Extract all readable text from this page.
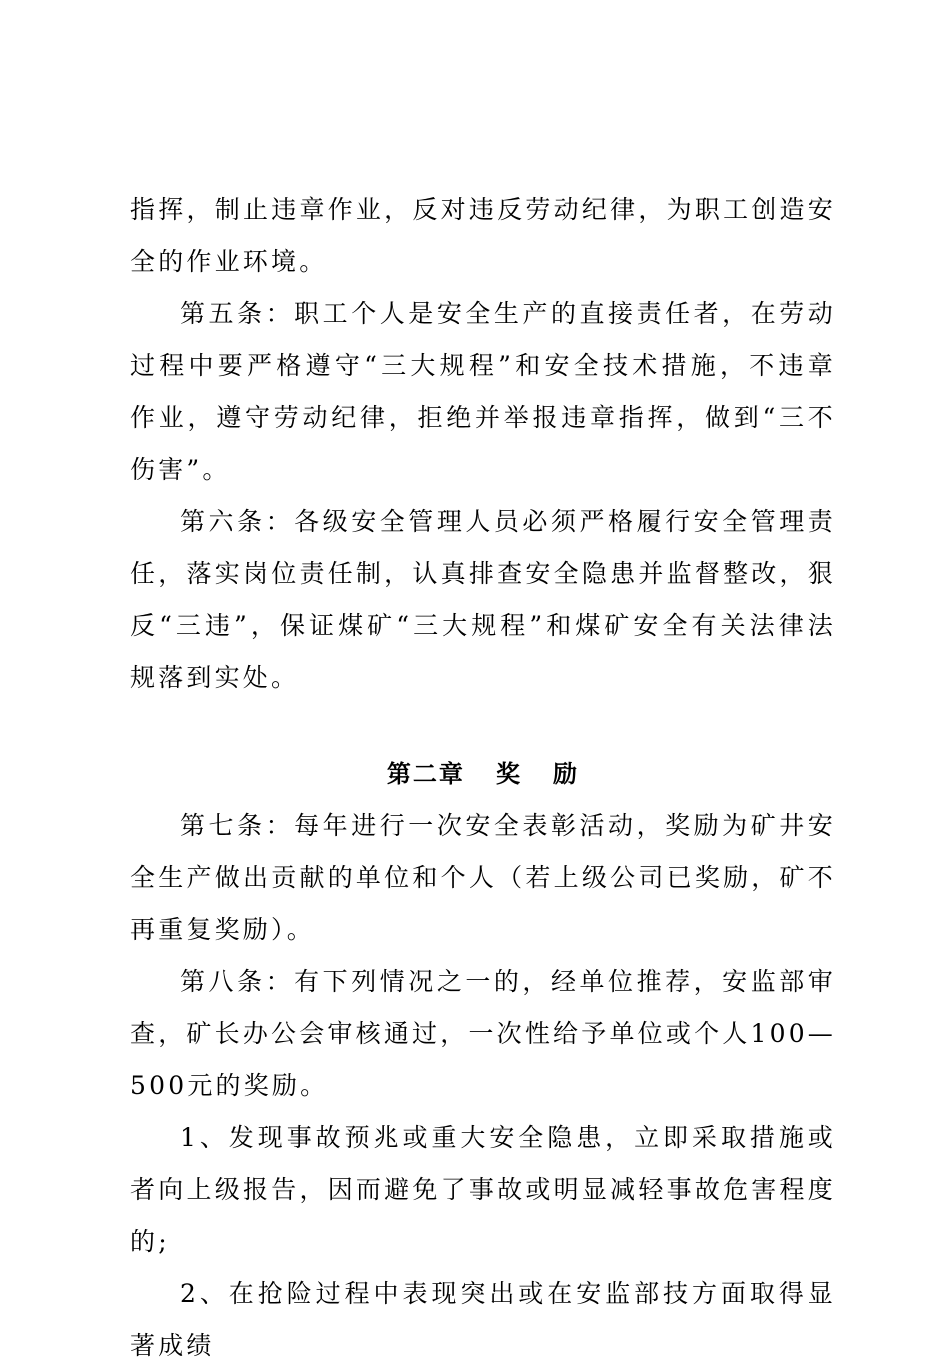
指挥，制止违章作业，反对违反劳动纪律，为职工创造安全的作业环境。

第五条：职工个人是安全生产的直接责任者，在劳动过程中要严格遵守“三大规程”和安全技术措施，不违章作业，遵守劳动纪律，拒绝并举报违章指挥，做到“三不伤害”。

第六条：各级安全管理人员必须严格履行安全管理责任，落实岗位责任制，认真排查安全隐患并监督整改，狠反“三违”，保证煤矿“三大规程”和煤矿安全有关法律法规落到实处。

第二章   奖   励

第七条：每年进行一次安全表彰活动，奖励为矿井安全生产做出贡献的单位和个人（若上级公司已奖励，矿不再重复奖励）。

第八条：有下列情况之一的，经单位推荐，安监部审查，矿长办公会审核通过，一次性给予单位或个人100—500元的奖励。

1、发现事故预兆或重大安全隐患，立即采取措施或者向上级报告，因而避免了事故或明显减轻事故危害程度的;

2、在抢险过程中表现突出或在安监部技方面取得显著成绩
